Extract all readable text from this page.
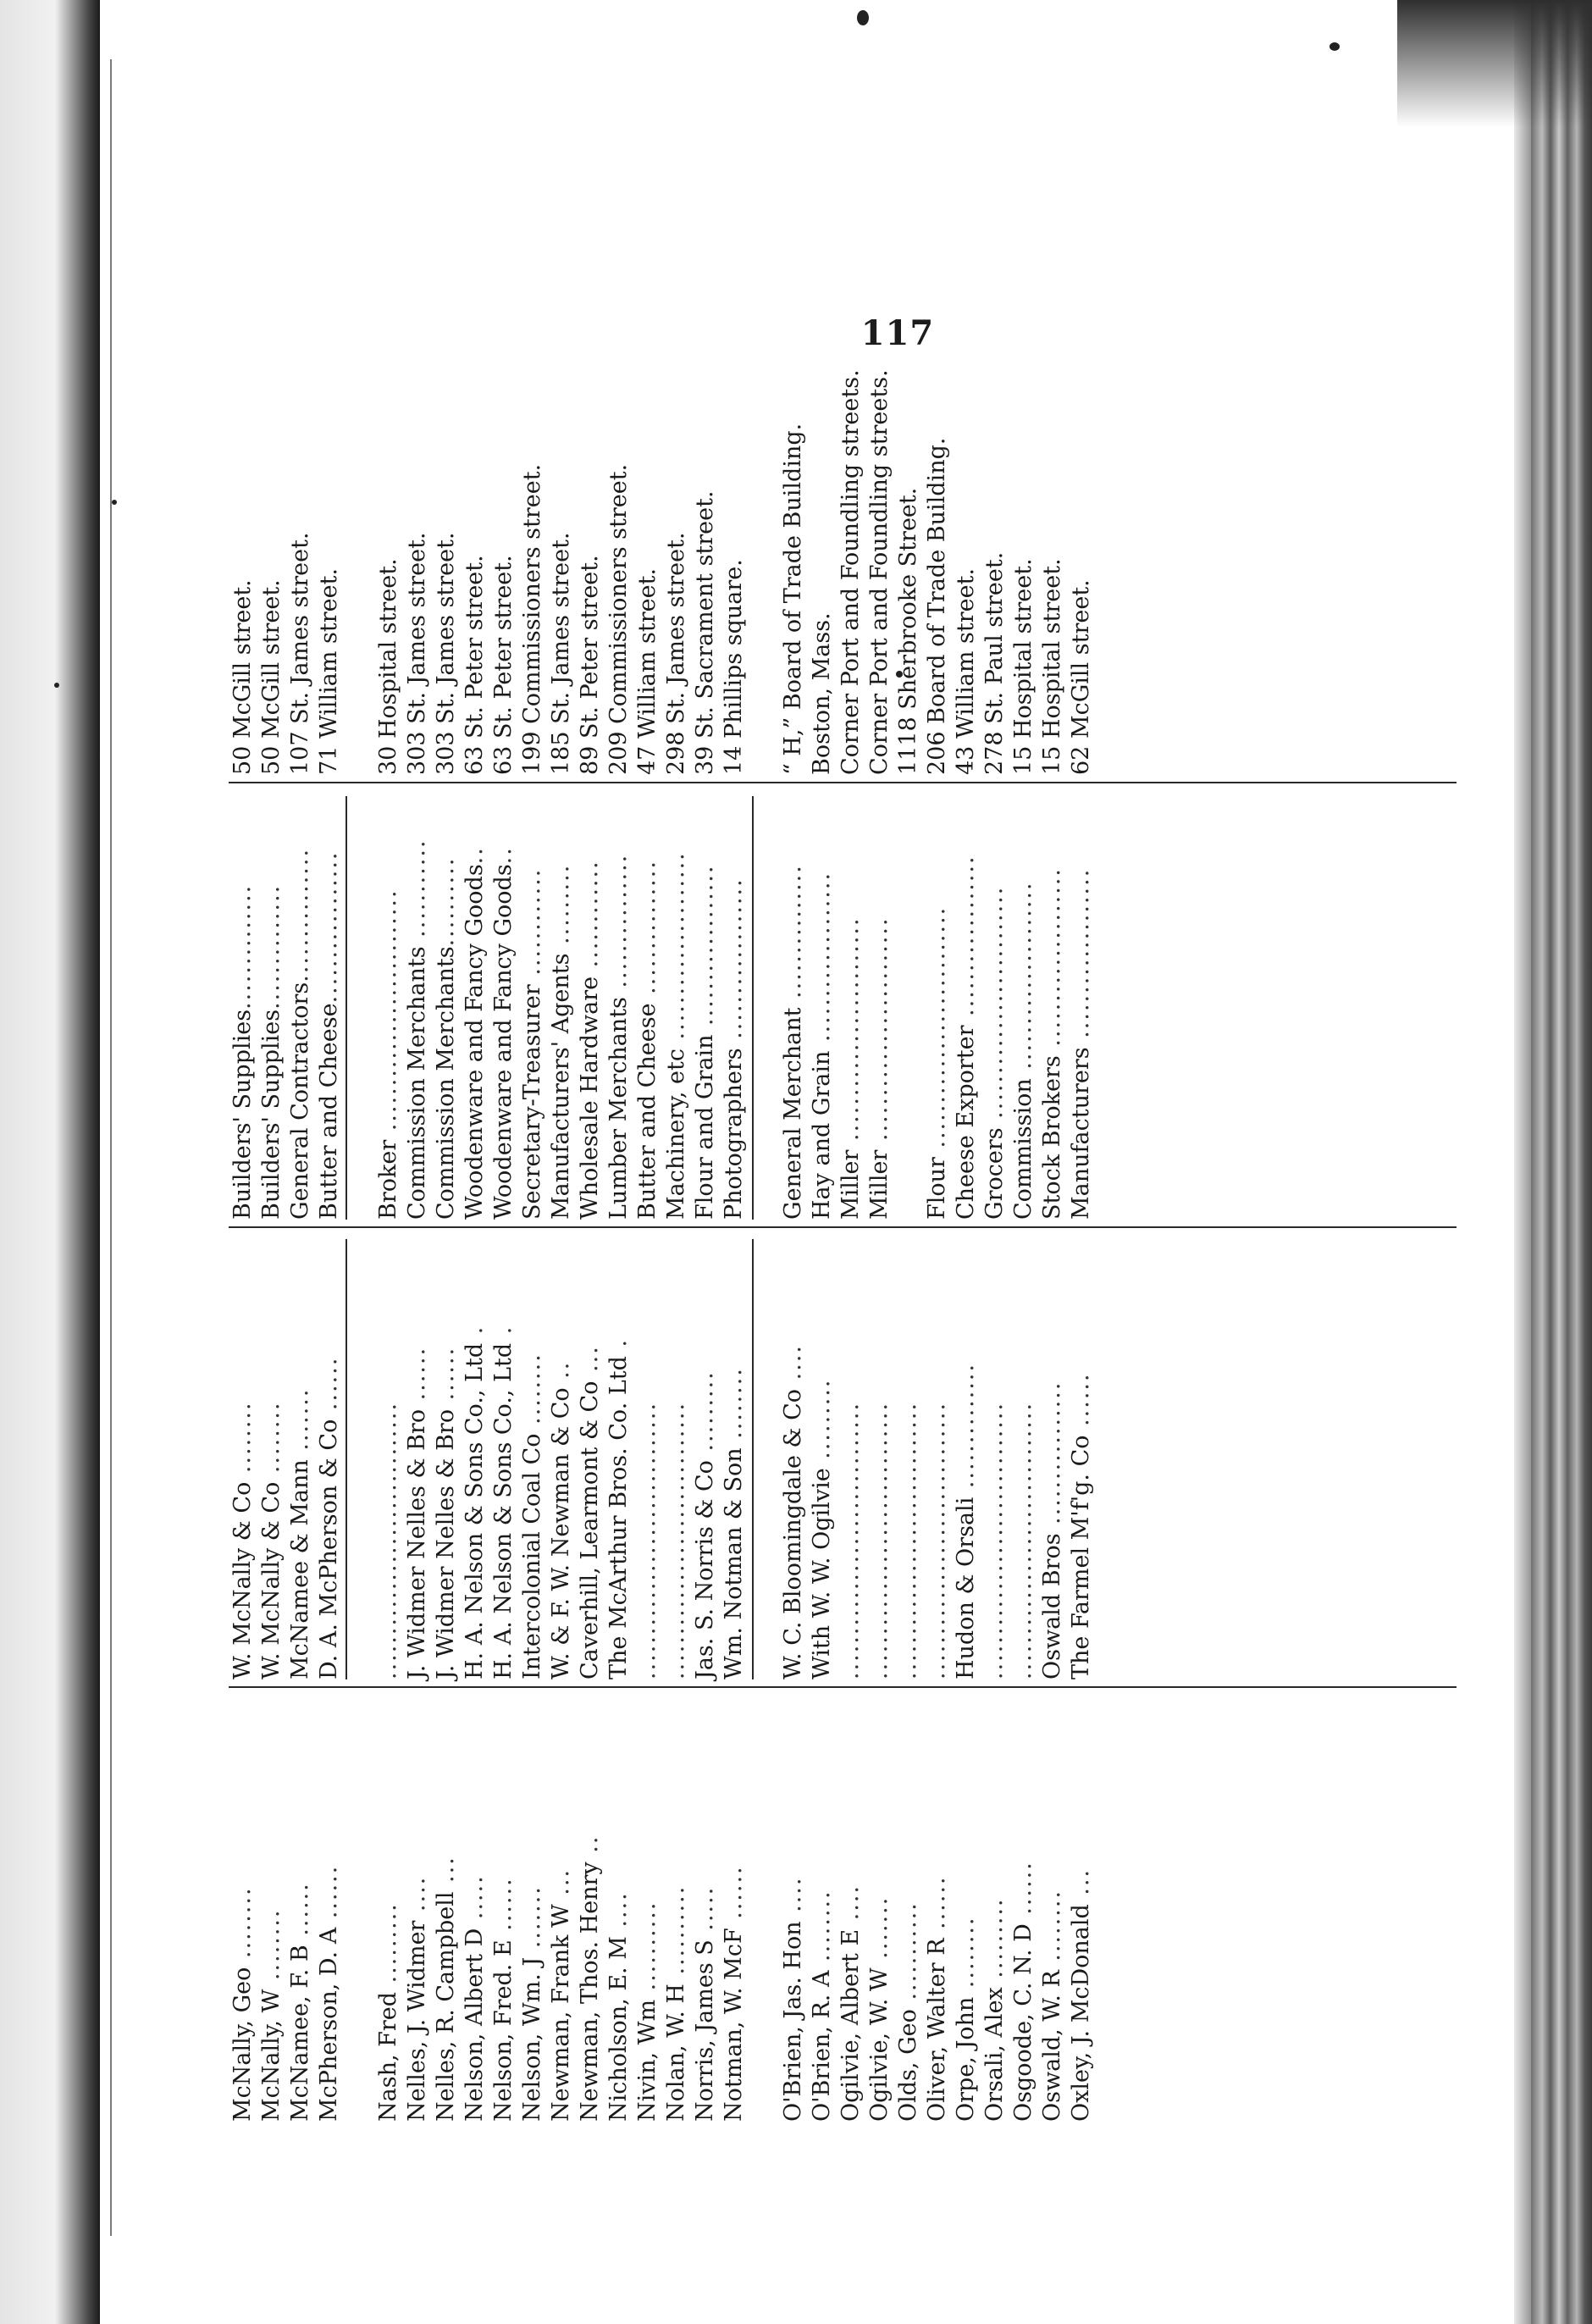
117
McNally, Geo ........
McNally, W ........ McNamee, F. B ......
McPherson, D. A ......
Nash, Fred ......... Nelles, J. Widmer .... Nelles, R. Campbell ...
Nelson, Albert D .....
Nelson, Fred. E ......
Nelson, Wm. J ....... Newman, Frank W ... Newman, Thos. Henry ..
Nicholson, E. M ....
Nivin, Wm ..........
Nolan, W. H ..........
Norris, James S .....
Notman, W. McF ......
O'Brien, Jas. Hon ....
O'Brien, R. A ........ Ogilvie, Albert E ....
Ogilvie, W. W .......
Olds, Geo ........... Oliver, Walter R ......
Orpe, John ........
Orsali, Alex ......... Osgoode, C. N. D ......
Oswald, W. R ........ Oxley, J. McDonald ...
W. McNally & Co ........
W. McNally & Co ........
McNamee & Mann ....... D. A. McPherson & Co ......
............................... J. Widmer Nelles & Bro ......
J. Widmer Nelles & Bro ...... H. A. Nelson & Sons Co., Ltd .
H. A. Nelson & Sons Co., Ltd .
Intercolonial Coal Co ........ W. & F. W. Newman & Co ..
Caverhill, Learmont & Co ... The McArthur Bros. Co. Ltd .
............................... ............................... Jas. S. Norris & Co .........
Wm. Notman & Son ........ W. C. Bloomingdale & Co ....
With W. W. Ogilvie ......... ............................... ............................... ............................... ............................... Hudon & Orsali .............. ............................... ............................... Oswald Bros ................ The Farmel M'f'g. Co ......
Builders' Supplies..............
Builders' Supplies..............
General Contractors...............
Butter and Cheese.................
Broker ........................... Commission Merchants ...........
Commission Merchants.......... Woodenware and Fancy Goods..
Woodenware and Fancy Goods..
Secretary-Treasurer ............
Manufacturers' Agents .........
Wholesale Hardware ............
Lumber Merchants ...............
Butter and Cheese ...............
Machinery, etc .....................
Flour and Grain ..................
Photographers ..................
General Merchant ...............
Hay and Grain ...................
Miller .........................
Miller .........................
Flour ........................... Cheese Exporter ..................
Grocers ..........................
Commission .....................
Stock Brokers ....................
Manufacturers ...................
50 McGill street. 50 McGill street. 107 St. James street. 71 William street. 30 Hospital street. 303 St. James street. 303 St. James street. 63 St. Peter street. 63 St. Peter street. 199 Commissioners street. 185 St. James street. 89 St. Peter street. 209 Commissioners street. 47 William street. 298 St. James street. 39 St. Sacrament street. 14 Phillips square. “ H,” Board of Trade Building. Boston, Mass. Corner Port and Foundling streets. Corner Port and Foundling streets. 1118 Sherbrooke Street. 206 Board of Trade Building. 43 William street. 278 St. Paul street. 15 Hospital street. 15 Hospital street. 62 McGill street.
